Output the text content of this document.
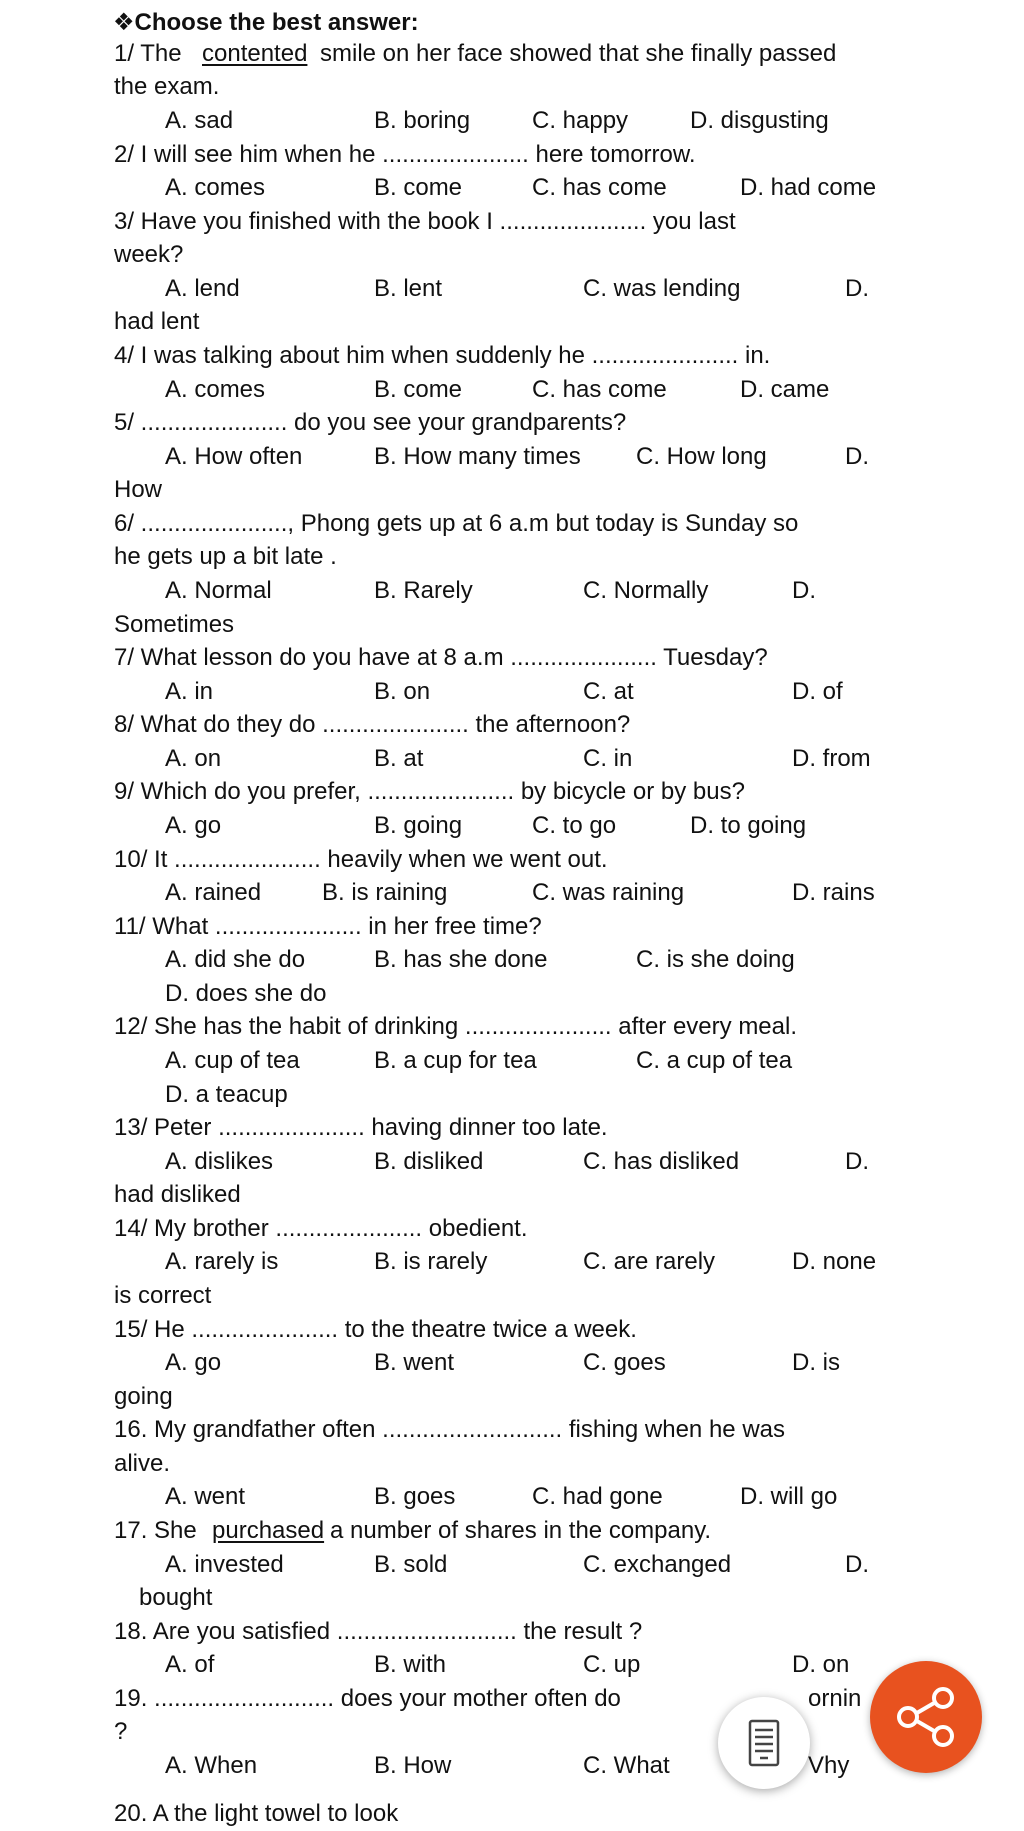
❖Choose the best answer:
1/ The contented smile on her face showed that she finally passed
the exam.
A. sad	B. boring	C. happy	D. disgusting
2/ I will see him when he ...................... here tomorrow.
A. comes	B. come	C. has come	D. had come
3/ Have you finished with the book I ...................... you last
week?
A. lend	B. lent	C. was lending	D.
had lent
4/ I was talking about him when suddenly he ...................... in.
A. comes	B. come	C. has come	D. came
5/ ...................... do you see your grandparents?
A. How often	B. How many times C. How long	D.
How
6/ ......................, Phong gets up at 6 a.m but today is Sunday so
he gets up a bit late .
A. Normal	B. Rarely	C. Normally	D.
Sometimes
7/ What lesson do you have at 8 a.m ...................... Tuesday?
A. in	B. on	C. at	D. of
8/ What do they do ...................... the afternoon?
A. on	B. at	C. in	D. from
9/ Which do you prefer, ...................... by bicycle or by bus?
A. go	B. going	C. to go	D. to going
10/ It ...................... heavily when we went out.
A. rained	B. is raining	C. was raining	D. rains
11/ What ...................... in her free time?
A. did she do	B. has she done	C. is she doing
D. does she do
12/ She has the habit of drinking ...................... after every meal.
A. cup of tea	B. a cup for tea	C. a cup of tea
D. a teacup
13/ Peter ...................... having dinner too late.
A. dislikes	B. disliked	C. has disliked	D.
had disliked
14/ My brother ...................... obedient.
A. rarely is	B. is rarely	C. are rarely	D. none
is correct
15/ He ...................... to the theatre twice a week.
A. go	B. went	C. goes	D. is
going
16. My grandfather often ........................... fishing when he was
alive.
A. went	B. goes	C. had gone	D. will go
17. She purchased a number of shares in the company.
A. invested	B. sold	C. exchanged	D.
bought
18. Are you satisfied ........................... the result ?
A. of	B. with	C. up	D. on
19. ........................... does your mother often do	ornin
?
A. When	B. How	C. What	Vhy
20. A the light towel to look
